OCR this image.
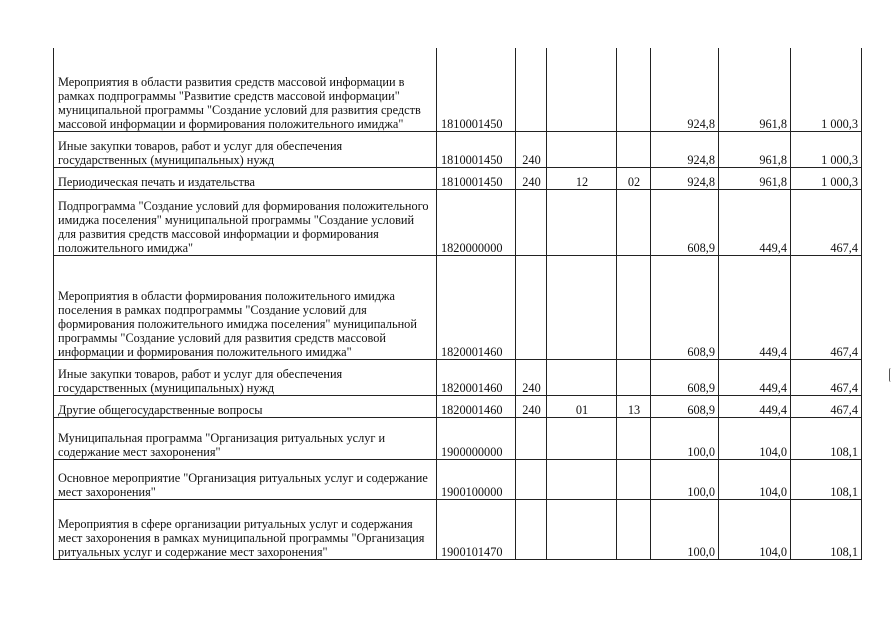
Мероприятия в области развития средств массовой информации в рамках подпрограммы "Развитие средств массовой информации" муниципальной программы "Создание условий для развития средств массовой информации и формирования положительного имиджа"	1810001450				924,8	961,8	1 000,3
Иные закупки товаров, работ и услуг для обеспечения государственных (муниципальных) нужд	1810001450	240			924,8	961,8	1 000,3
Периодическая печать и издательства	1810001450	240	12	02	924,8	961,8	1 000,3
Подпрограмма "Создание условий для формирования положительного имиджа поселения" муниципальной программы "Создание условий для развития средств массовой информации и формирования положительного имиджа"	1820000000				608,9	449,4	467,4
Мероприятия в области формирования положительного имиджа поселения в рамках подпрограммы "Создание условий для формирования положительного имиджа поселения" муниципальной программы "Создание условий для развития средств массовой информации и формирования положительного имиджа"	1820001460				608,9	449,4	467,4
Иные закупки товаров, работ и услуг для обеспечения государственных (муниципальных) нужд	1820001460	240			608,9	449,4	467,4
Другие общегосударственные вопросы	1820001460	240	01	13	608,9	449,4	467,4
Муниципальная программа "Организация ритуальных услуг и содержание мест захоронения"	1900000000				100,0	104,0	108,1
Основное мероприятие "Организация ритуальных услуг и содержание мест захоронения"	1900100000				100,0	104,0	108,1
Мероприятия в сфере организации ритуальных услуг и содержания мест захоронения в рамках муниципальной программы "Организация ритуальных услуг и содержание мест захоронения"	1900101470				100,0	104,0	108,1
